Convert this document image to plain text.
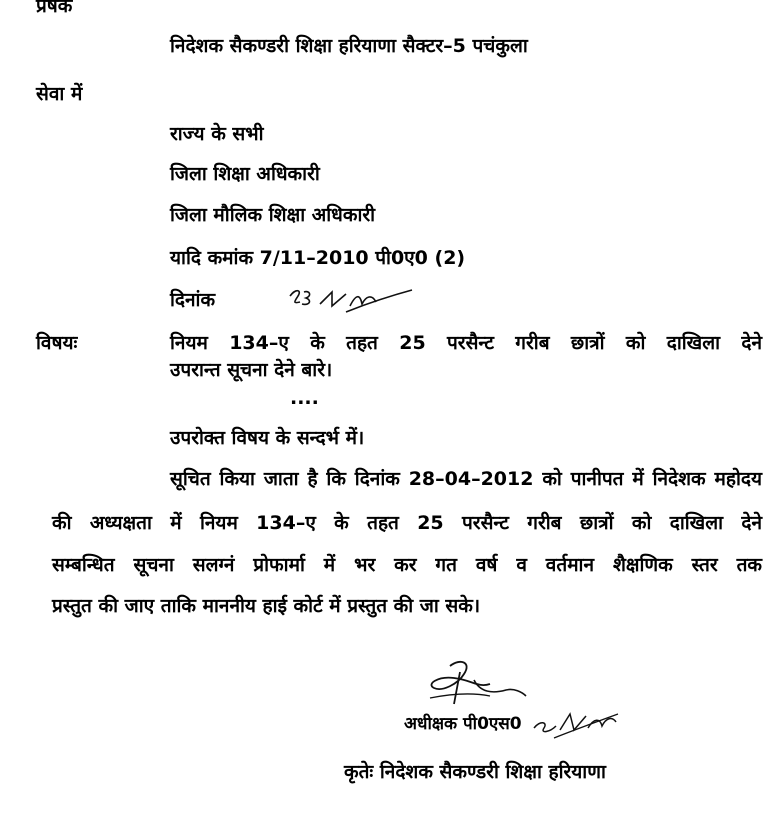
प्रषक
निदेशक सैकण्डरी शिक्षा हरियाणा सैक्टर–5 पचंकुला
सेवा में
राज्य के सभी
जिला शिक्षा अधिकारी
जिला मौलिक शिक्षा अधिकारी
यादि कमांक 7/11–2010 पी0ए0 (2)
दिनांक
विषयः	नियम 134–ए के तहत 25 परसैन्ट गरीब छात्रों को दाखिला देने
उपरान्त सूचना देने बारे।
....
उपरोक्त विषय के सन्दर्भ में।
सूचित किया जाता है कि दिनांक 28–04–2012 को पानीपत में निदेशक महोदय
की अध्यक्षता में नियम 134–ए के तहत 25 परसैन्ट गरीब छात्रों को दाखिला देने
सम्बन्धित सूचना सलग्नं प्रोफार्मा में भर कर गत वर्ष व वर्तमान शैक्षणिक स्तर तक
प्रस्तुत की जाए ताकि माननीय हाई कोर्ट में प्रस्तुत की जा सके।
अधीक्षक पी0एस0
कृतेः निदेशक सैकण्डरी शिक्षा हरियाणा
